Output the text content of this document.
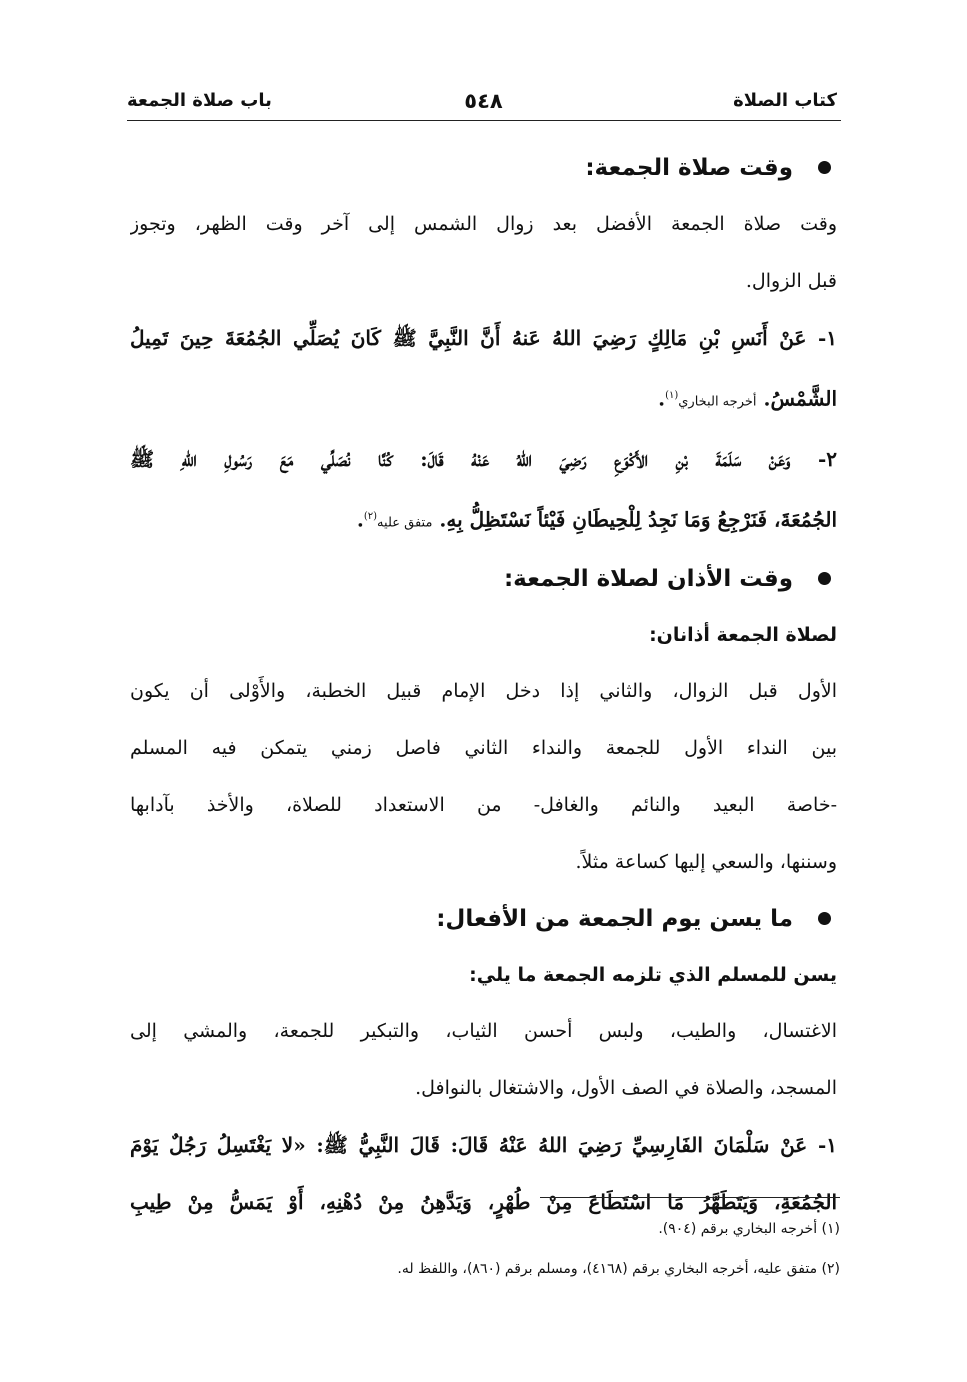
كتاب الصلاة
٥٤٨
باب صلاة الجمعة
وقت صلاة الجمعة:
وقت صلاة الجمعة الأفضل بعد زوال الشمس إلى آخر وقت الظهر، وتجوز
قبل الزوال.
١- عَنْ أَنَسِ بْنِ مَالِكٍ رَضِيَ اللهُ عَنهُ أَنَّ النَّبِيَّ ﷺ كَانَ يُصَلِّي الجُمُعَةَ حِينَ تَمِيلُ
الشَّمْسُ. أخرجه البخاري$^{(١)}$.
٢- وَعَنْ سَلَمَةَ بْنِ الأَكْوَعِ رَضِيَ اللهُ عَنْهُ قَالَ: كُنَّا نُصَلِّي مَعَ رَسُولِ اللهِ ﷺ
الجُمُعَةَ، فَنَرْجِعُ وَمَا نَجِدُ لِلْحِيطَانِ فَيْئاً نَسْتَظِلُّ بِهِ. متفق عليه$^{(٢)}$.
وقت الأذان لصلاة الجمعة:
لصلاة الجمعة أذانان:
الأول قبل الزوال، والثاني إذا دخل الإمام قبيل الخطبة، والأَوْلى أن يكون
بين النداء الأول للجمعة والنداء الثاني فاصل زمني يتمكن فيه المسلم
-خاصة البعيد والنائم والغافل- من الاستعداد للصلاة، والأخذ بآدابها
وسننها، والسعي إليها كساعة مثلاً.
ما يسن يوم الجمعة من الأفعال:
يسن للمسلم الذي تلزمه الجمعة ما يلي:
الاغتسال، والطيب، ولبس أحسن الثياب، والتبكير للجمعة، والمشي إلى
المسجد، والصلاة في الصف الأول، والاشتغال بالنوافل.
١- عَنْ سَلْمَانَ الفَارِسِيِّ رَضِيَ اللهُ عَنْهُ قَالَ: قَالَ النَّبِيُّ ﷺ: «لا يَغْتَسِلُ رَجُلٌ يَوْمَ
الجُمُعَةِ، وَيَتَطَهَّرُ مَا اسْتَطَاعَ مِنْ طُهْرٍ، وَيَدَّهِنُ مِنْ دُهْنِهِ، أَوْ يَمَسُّ مِنْ طِيبِ
(١) أخرجه البخاري برقم (٩٠٤).
(٢) متفق عليه، أخرجه البخاري برقم (٤١٦٨)، ومسلم برقم (٨٦٠)، واللفظ له.
